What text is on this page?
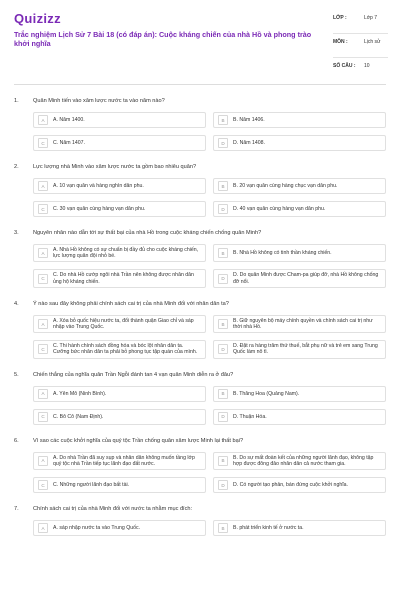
Quizizz
Trắc nghiệm Lịch Sử 7 Bài 18 (có đáp án): Cuộc kháng chiến của nhà Hồ và phong trào khởi nghĩa
LỚP :	Lớp 7
MÔN :	Lịch sử
SỐ CÂU :	10
1.	Quân Minh tiến vào xâm lược nước ta vào năm nào?
A	A. Năm 1400.	B	B. Năm 1406.
C	C. Năm 1407.	D	D. Năm 1408.
2.	Lực lượng nhà Minh vào xâm lược nước ta gồm bao nhiêu quân?
A	A. 10 vạn quân và hàng nghìn dân phu.	B	B. 20 vạn quân cùng hàng chục vạn dân phu.
C	C. 30 vạn quân cùng hàng vạn dân phu.	D	D. 40 vạn quân cùng hàng vạn dân phu.
3.	Nguyên nhân nào dẫn tới sự thất bại của nhà Hồ trong cuộc kháng chiến chống quân Minh?
A
A. Nhà Hồ không có sự chuẩn bị đầy đủ cho cuộc kháng chiến, lực lượng quân đội nhỏ bé.	B	B. Nhà Hồ không có tinh thần kháng chiến.
C
C. Do nhà Hồ cướp ngôi nhà Trần nên không được nhân dân ủng hộ kháng chiến.	D
D. Do quân Minh được Cham-pa giúp đỡ, nhà Hồ không chống đỡ nổi.
4.	Ý nào sau đây không phải chính sách cai trị của nhà Minh đối với nhân dân ta?
A
A. Xóa bỏ quốc hiệu nước ta, đổi thành quận Giao chỉ và sáp nhập vào Trung Quốc.	B
B. Giữ nguyên bộ máy chính quyền và chính sách cai trị như thời nhà Hồ.
C
C. Thi hành chính sách đồng hóa và bóc lột nhân dân ta. Cưỡng bức nhân dân ta phải bỏ phong tục tập quán của mình.	D
D. Đặt ra hàng trăm thứ thuế, bắt phụ nữ và trẻ em sang Trung Quốc làm nô tì.
5.	Chiến thắng của nghĩa quân Trần Ngỗi đánh tan 4 vạn quân Minh diễn ra ở đâu?
A	A. Yên Mô (Ninh Bình).	B	B. Thăng Hoa (Quảng Nam).
C	C. Bô Cô (Nam Định).	D	D. Thuận Hóa.
6.	Vì sao các cuộc khởi nghĩa của quý tộc Trần chống quân xâm lược Minh lại thất bại?
A
A. Do nhà Trần đã suy sụp và nhân dân không muốn tầng lớp quý tộc nhà Trần tiếp tục lãnh đạo đất nước.	B
B. Do sự mất đoàn kết của những người lãnh đạo, không tập hợp được đông đảo nhân dân cả nước tham gia.
C	C. Những người lãnh đạo bất tài.	D	D. Có người tạo phản, bán đứng cuộc khởi nghĩa.
7.	Chính sách cai trị của nhà Minh đối với nước ta nhằm mục đích:
A	A. sáp nhập nước ta vào Trung Quốc.	B	B. phát triển kinh tế ở nước ta.
